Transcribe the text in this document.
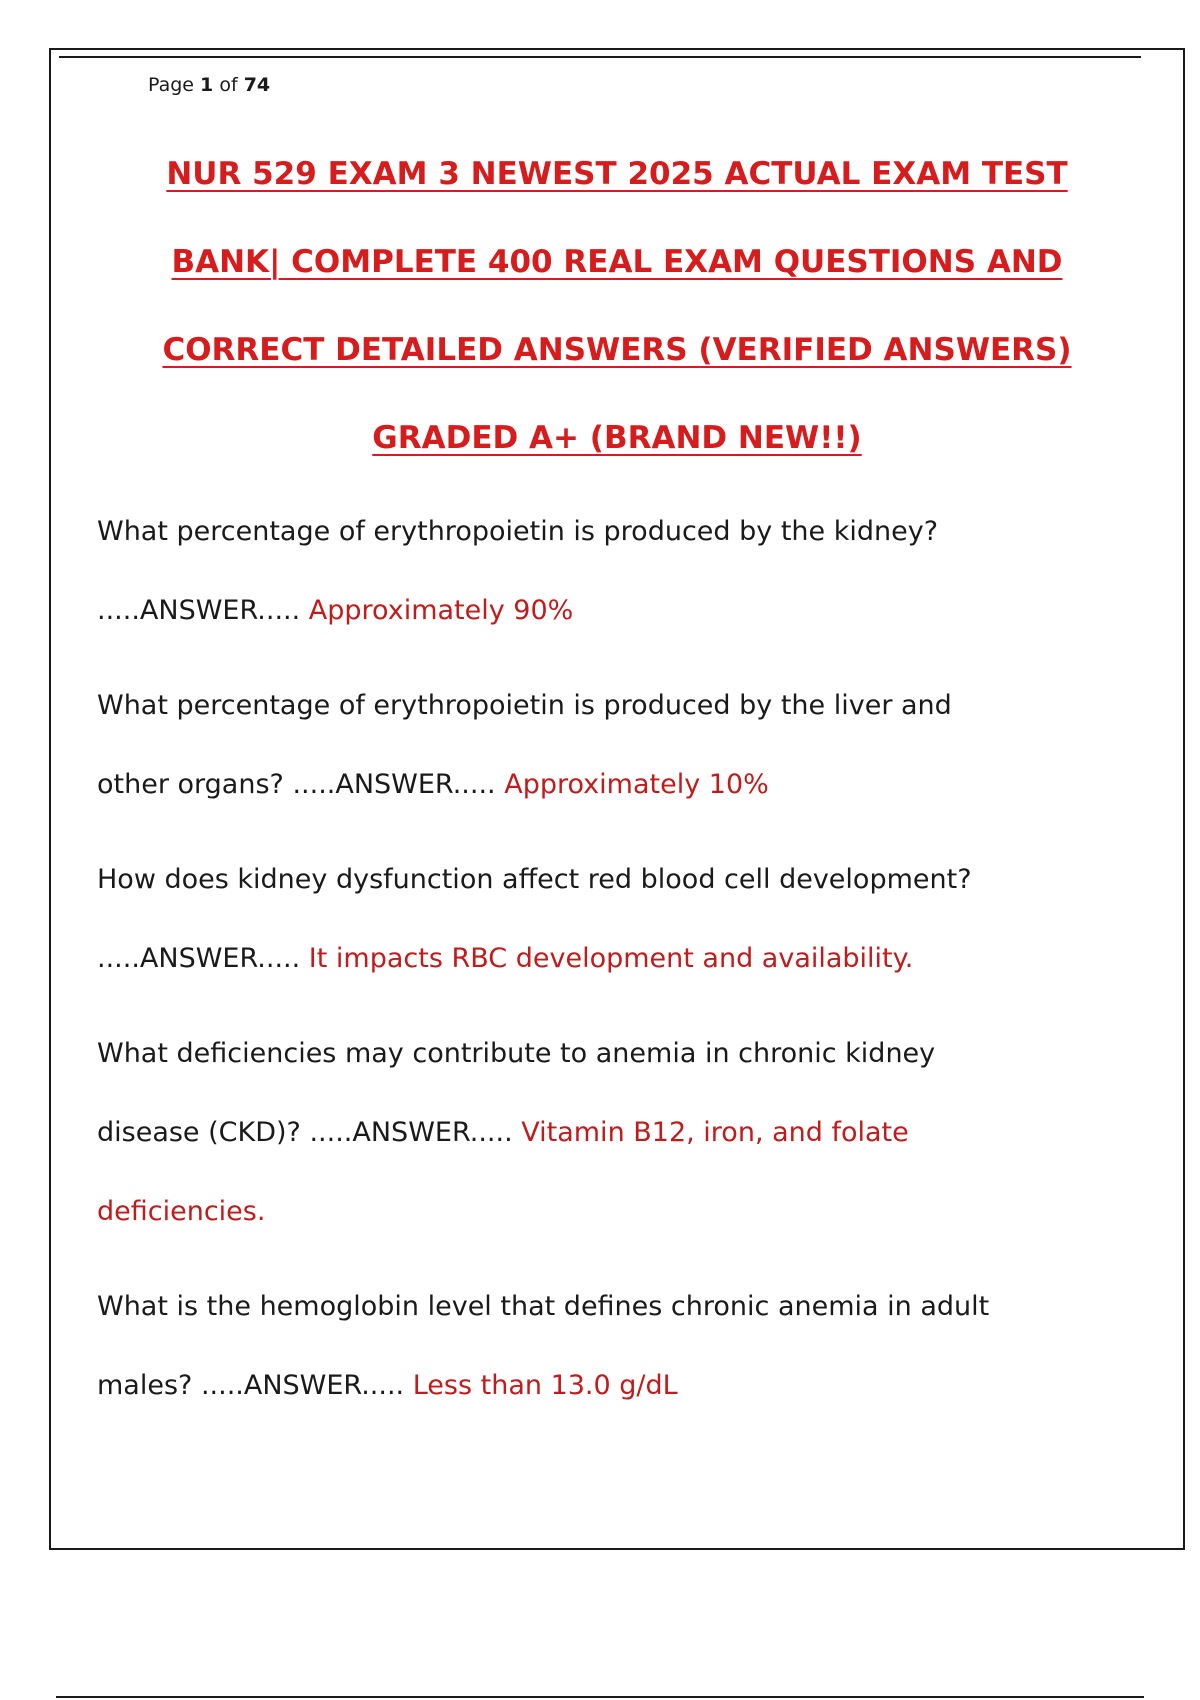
Page 1 of 74
NUR 529 EXAM 3 NEWEST 2025 ACTUAL EXAM TEST
BANK| COMPLETE 400 REAL EXAM QUESTIONS AND
CORRECT DETAILED ANSWERS (VERIFIED ANSWERS)
GRADED A+ (BRAND NEW!!)
What percentage of erythropoietin is produced by the kidney?
.....ANSWER..... Approximately 90%
What percentage of erythropoietin is produced by the liver and
other organs? .....ANSWER..... Approximately 10%
How does kidney dysfunction affect red blood cell development?
.....ANSWER..... It impacts RBC development and availability.
What deficiencies may contribute to anemia in chronic kidney
disease (CKD)? .....ANSWER..... Vitamin B12, iron, and folate
deficiencies.
What is the hemoglobin level that defines chronic anemia in adult
males? .....ANSWER..... Less than 13.0 g/dL
